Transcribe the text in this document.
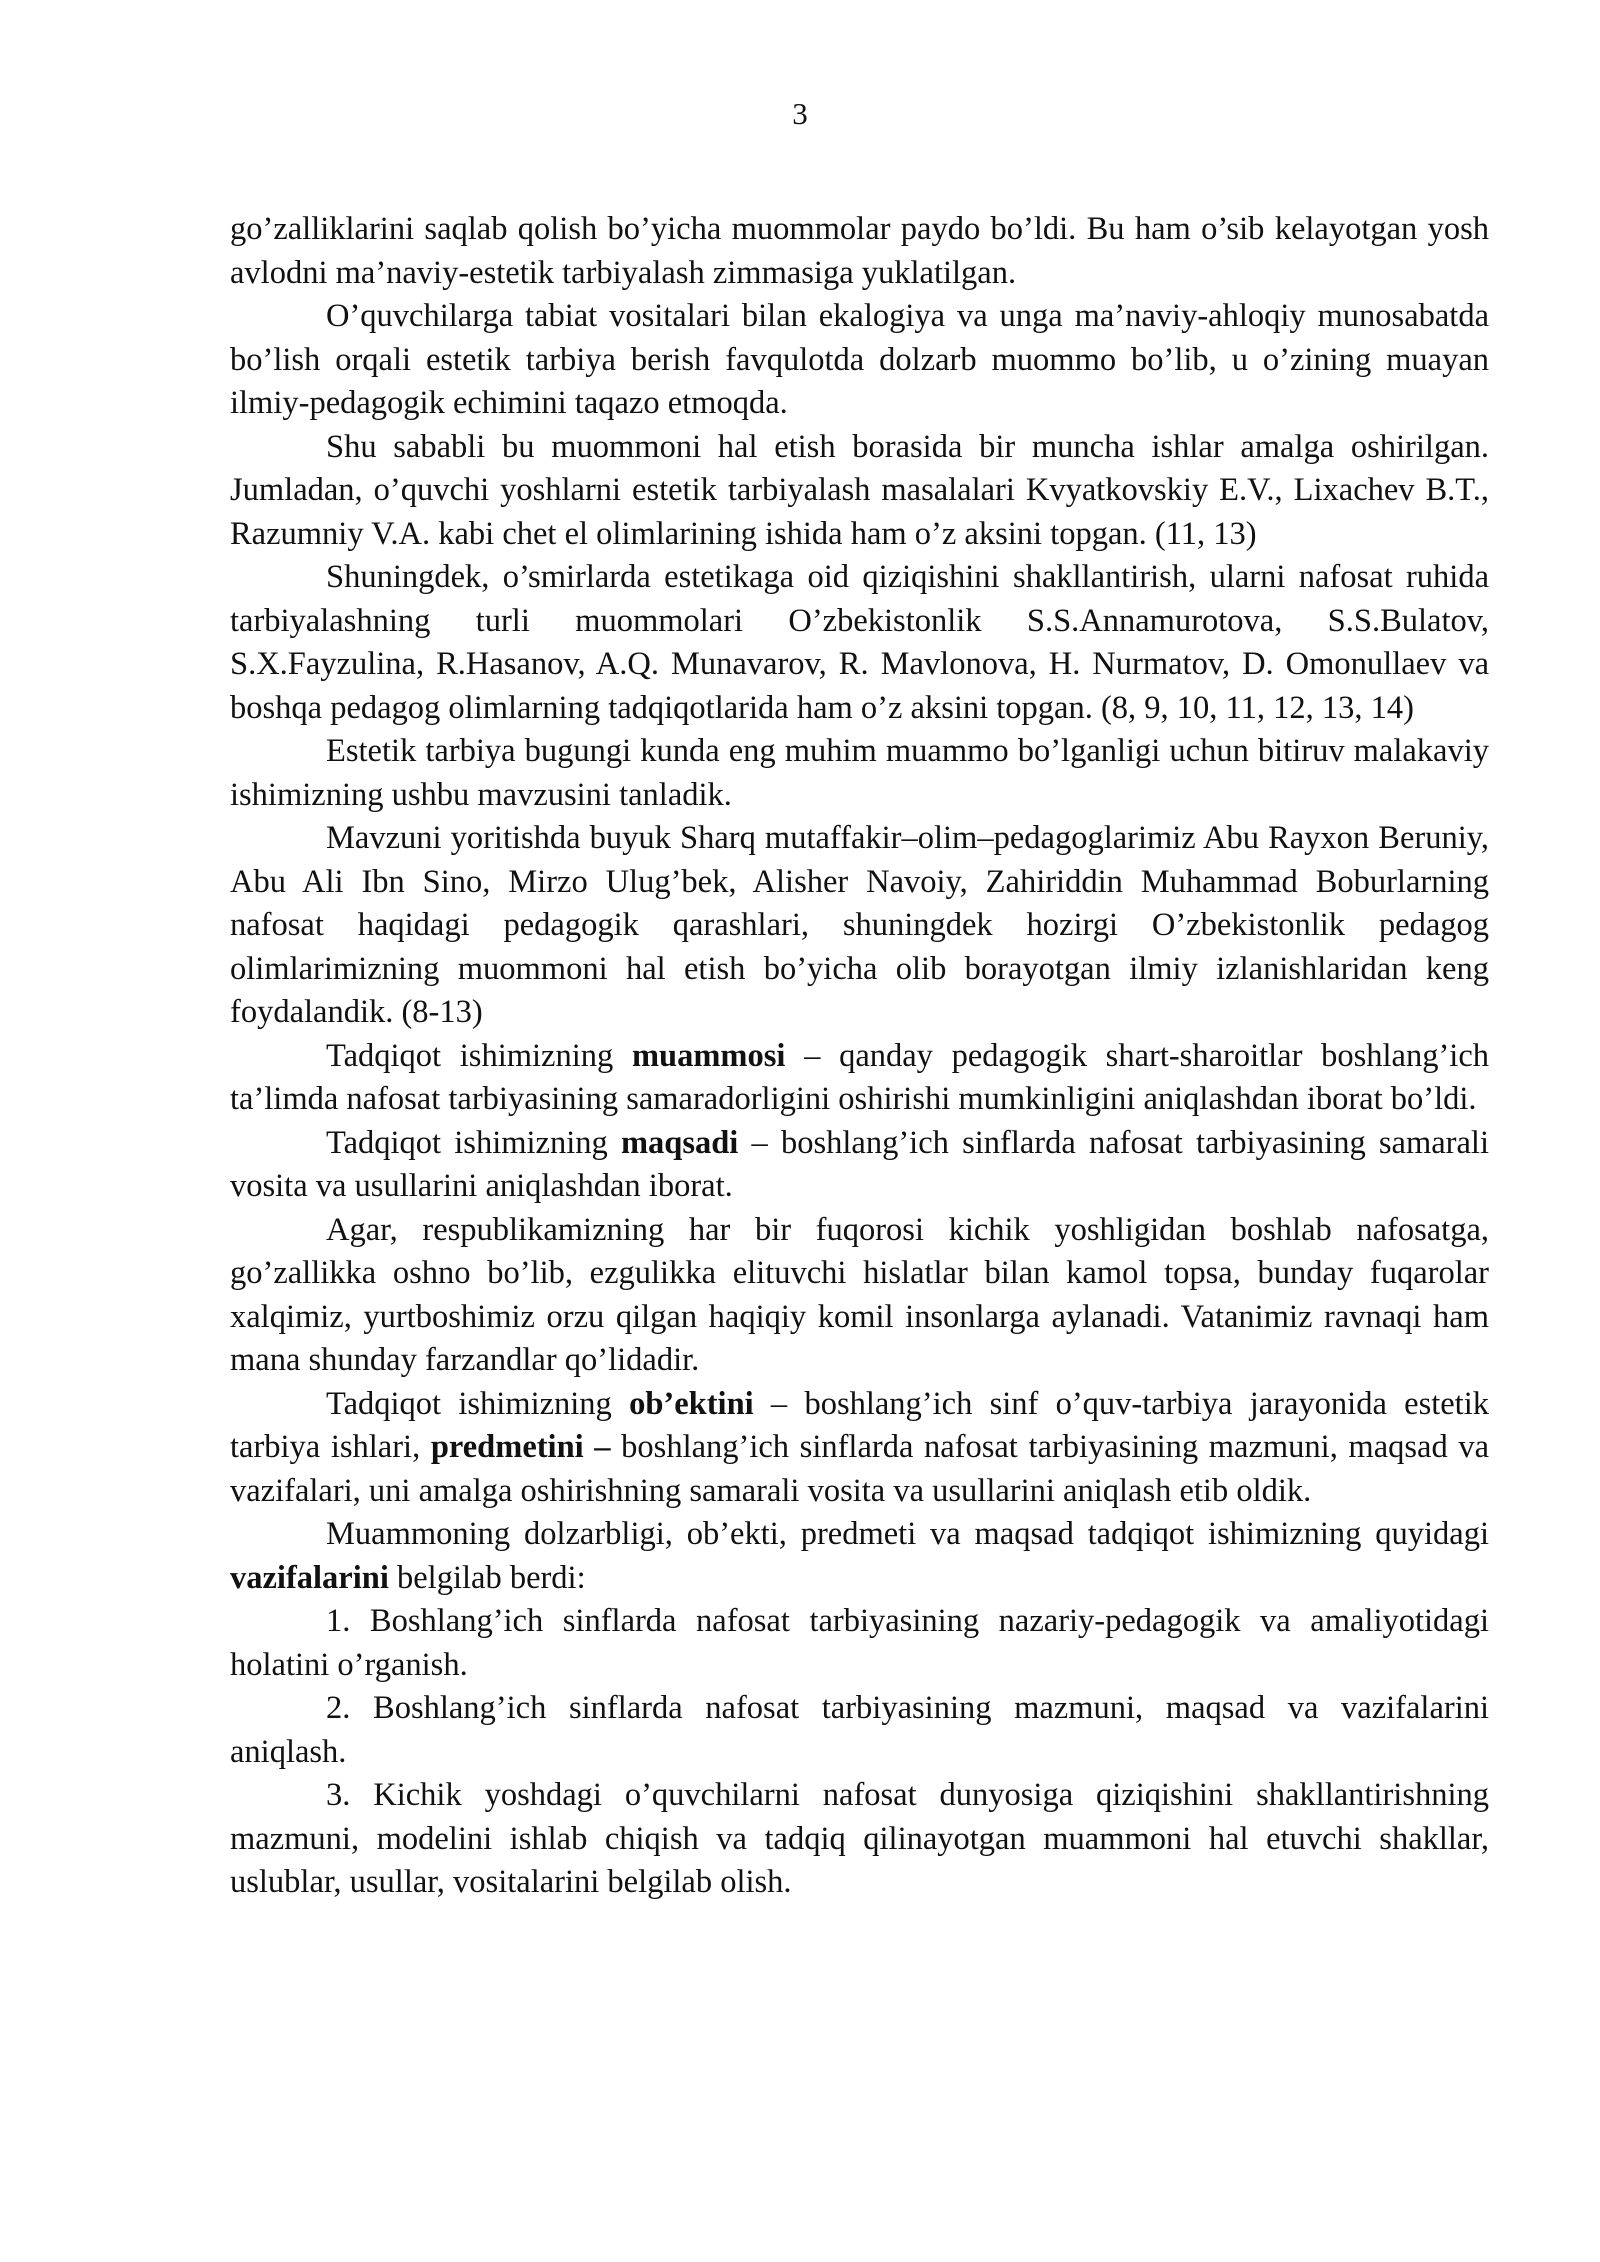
3

go’zalliklarini saqlab qolish bo’yicha muommolar paydo bo’ldi. Bu ham o’sib kelayotgan yosh avlodni ma’naviy-estetik tarbiyalash zimmasiga yuklatilgan.

O’quvchilarga tabiat vositalari bilan ekalogiya va unga ma’naviy-ahloqiy munosabatda bo’lish orqali estetik tarbiya berish favqulotda dolzarb muommo bo’lib, u o’zining muayan ilmiy-pedagogik echimini taqazo etmoqda.

Shu sababli bu muommoni hal etish borasida bir muncha ishlar amalga oshirilgan. Jumladan, o’quvchi yoshlarni estetik tarbiyalash masalalari Kvyatkovskiy E.V., Lixachev B.T., Razumniy V.A. kabi chet el olimlarining ishida ham o’z aksini topgan. (11, 13)

Shuningdek, o’smirlarda estetikaga oid qiziqishini shakllantirish, ularni nafosat ruhida tarbiyalashning turli muommolari O’zbekistonlik S.S.Annamurotova, S.S.Bulatov, S.X.Fayzulina, R.Hasanov, A.Q. Munavarov, R. Mavlonova, H. Nurmatov, D. Omonullaev va boshqa pedagog olimlarning tadqiqotlarida ham o’z aksini topgan. (8, 9, 10, 11, 12, 13, 14)

Estetik tarbiya bugungi kunda eng muhim muammo bo’lganligi uchun bitiruv malakaviy ishimizning ushbu mavzusini tanladik.

Mavzuni yoritishda buyuk Sharq mutaffakir–olim–pedagoglarimiz Abu Rayxon Beruniy, Abu Ali Ibn Sino, Mirzo Ulug’bek, Alisher Navoiy, Zahiriddin Muhammad Boburlarning nafosat haqidagi pedagogik qarashlari, shuningdek hozirgi O’zbekistonlik pedagog olimlarimizning muommoni hal etish bo’yicha olib borayotgan ilmiy izlanishlaridan keng foydalandik. (8-13)

Tadqiqot ishimizning muammosi – qanday pedagogik shart-sharoitlar boshlang’ich ta’limda nafosat tarbiyasining samaradorligini oshirishi mumkinligini aniqlashdan iborat bo’ldi.

Tadqiqot ishimizning maqsadi – boshlang’ich sinflarda nafosat tarbiyasining samarali vosita va usullarini aniqlashdan iborat.

Agar, respublikamizning har bir fuqorosi kichik yoshligidan boshlab nafosatga, go’zallikka oshno bo’lib, ezgulikka elituvchi hislatlar bilan kamol topsa, bunday fuqarolar xalqimiz, yurtboshimiz orzu qilgan haqiqiy komil insonlarga aylanadi. Vatanimiz ravnaqi ham mana shunday farzandlar qo’lidadir.

Tadqiqot ishimizning ob’ektini – boshlang’ich sinf o’quv-tarbiya jarayonida estetik tarbiya ishlari, predmetini – boshlang’ich sinflarda nafosat tarbiyasining mazmuni, maqsad va vazifalari, uni amalga oshirishning samarali vosita va usullarini aniqlash etib oldik.

Muammoning dolzarbligi, ob’ekti, predmeti va maqsad tadqiqot ishimizning quyidagi vazifalarini belgilab berdi:

1. Boshlang’ich sinflarda nafosat tarbiyasining nazariy-pedagogik va amaliyotidagi holatini o’rganish.

2. Boshlang’ich sinflarda nafosat tarbiyasining mazmuni, maqsad va vazifalarini aniqlash.

3. Kichik yoshdagi o’quvchilarni nafosat dunyosiga qiziqishini shakllantirishning mazmuni, modelini ishlab chiqish va tadqiq qilinayotgan muammoni hal etuvchi shakllar, uslublar, usullar, vositalarini belgilab olish.
